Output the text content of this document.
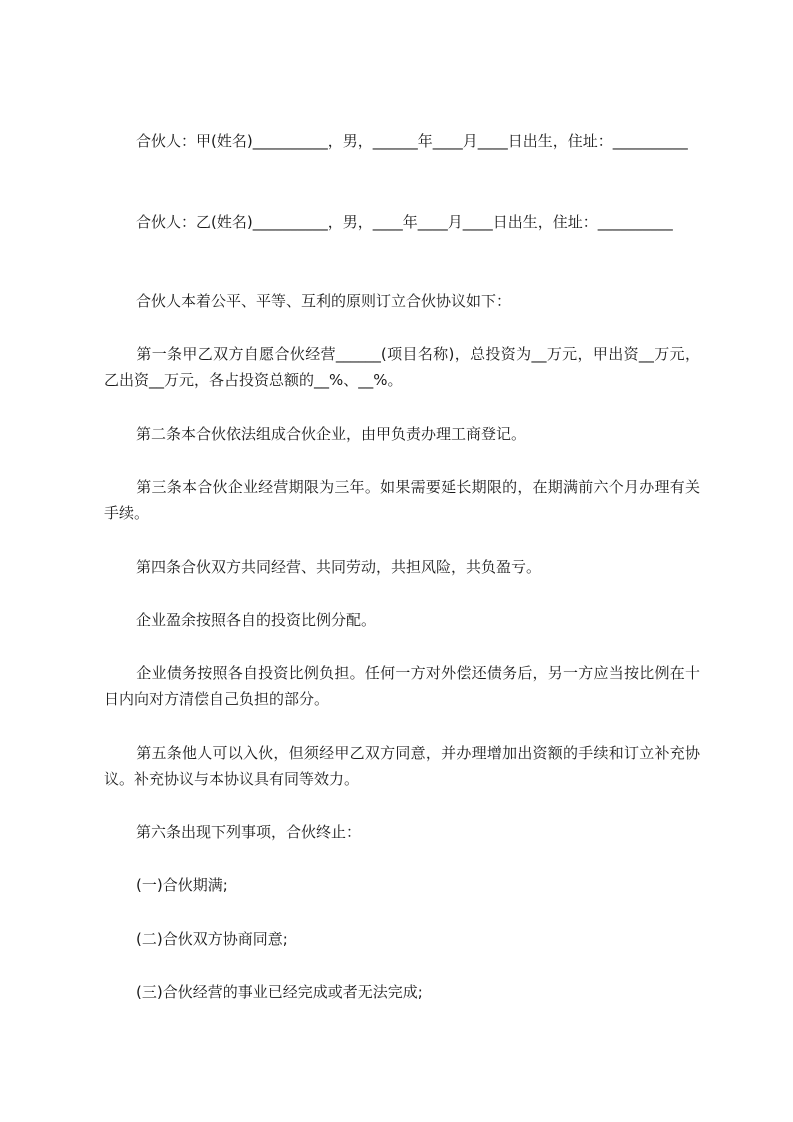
合伙人：甲(姓名)__________，男，______年____月____日出生，住址：__________

合伙人：乙(姓名)__________，男，____年____月____日出生，住址：__________

合伙人本着公平、平等、互利的原则订立合伙协议如下：

第一条甲乙双方自愿合伙经营______(项目名称)，总投资为__万元，甲出资__万元，乙出资__万元，各占投资总额的__%、__%。

第二条本合伙依法组成合伙企业，由甲负责办理工商登记。

第三条本合伙企业经营期限为三年。如果需要延长期限的，在期满前六个月办理有关手续。

第四条合伙双方共同经营、共同劳动，共担风险，共负盈亏。

企业盈余按照各自的投资比例分配。

企业债务按照各自投资比例负担。任何一方对外偿还债务后，另一方应当按比例在十日内向对方清偿自己负担的部分。

第五条他人可以入伙，但须经甲乙双方同意，并办理增加出资额的手续和订立补充协议。补充协议与本协议具有同等效力。

第六条出现下列事项，合伙终止：

(一)合伙期满;

(二)合伙双方协商同意;

(三)合伙经营的事业已经完成或者无法完成;
